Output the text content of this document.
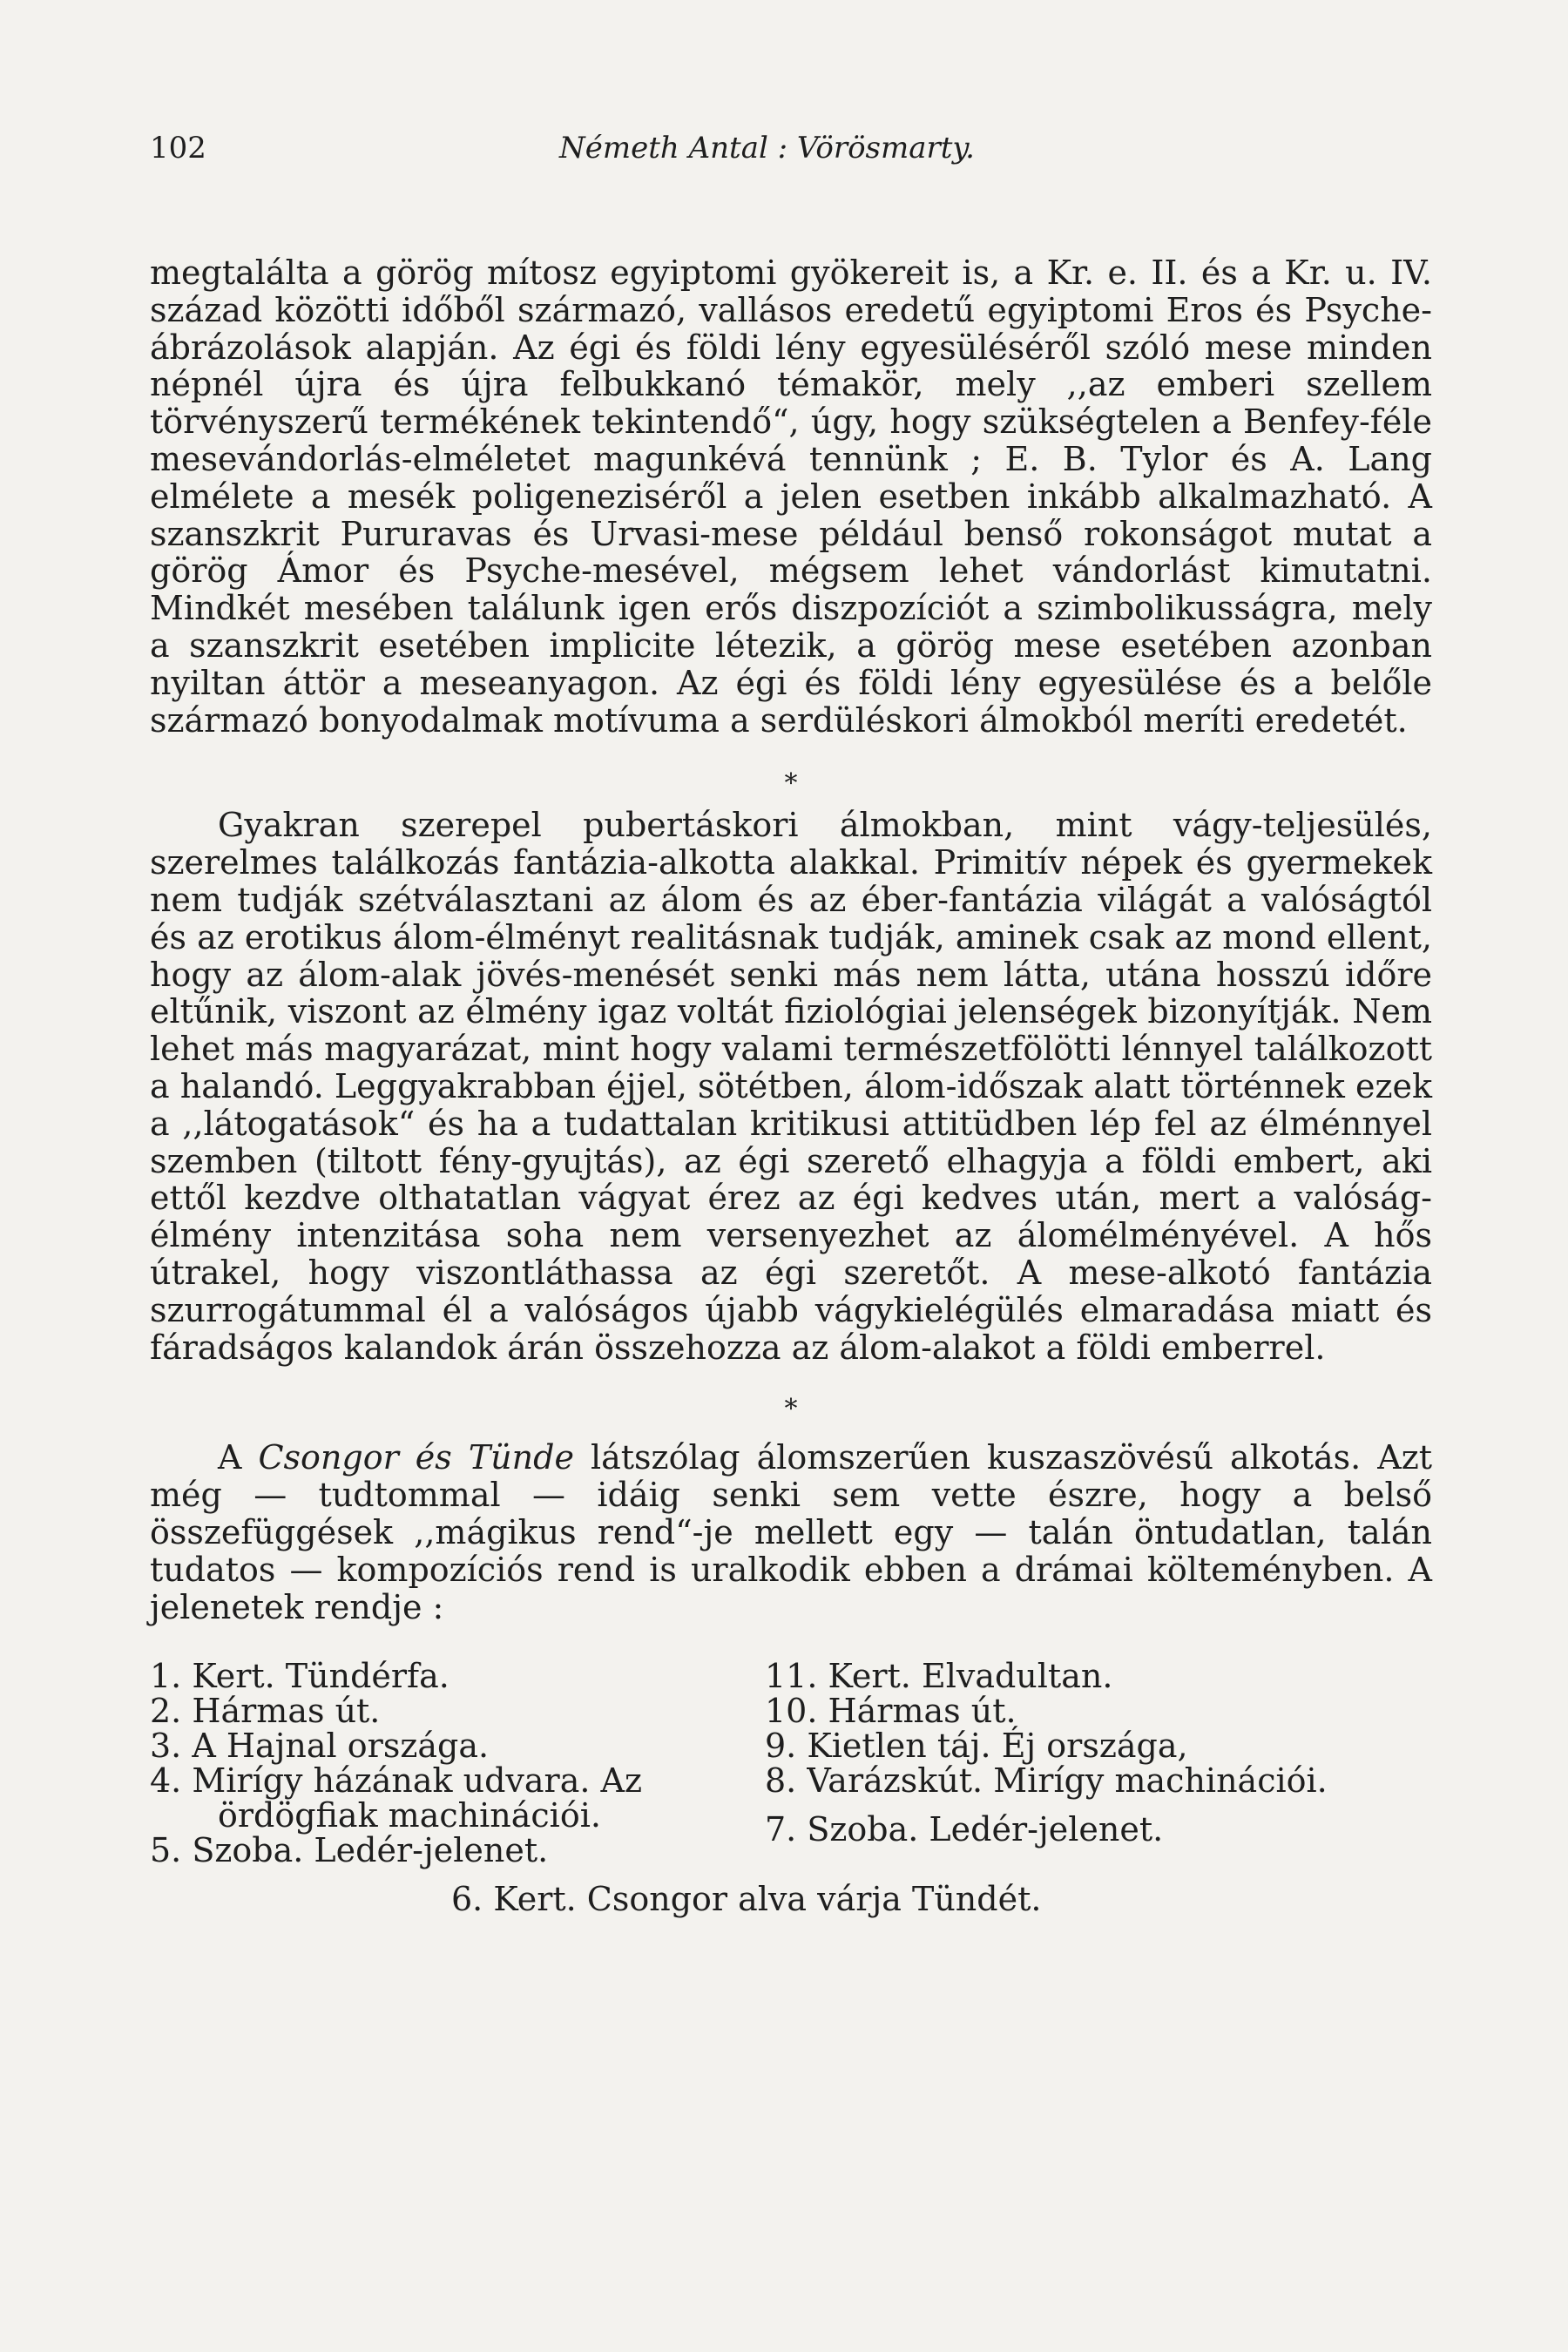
102	Németh Antal : Vörösmarty.

megtalálta a görög mítosz egyiptomi gyökereit is, a Kr. e. II. és a Kr. u. IV. század közötti időből származó, vallásos eredetű egyiptomi Eros és Psyche-ábrázolások alapján. Az égi és földi lény egyesüléséről szóló mese minden népnél újra és újra felbukkanó témakör, mely ,,az emberi szellem törvényszerű termékének tekintendő“, úgy, hogy szükségtelen a Benfey-féle mesevándorlás-elméletet magunkévá tennünk ; E. B. Tylor és A. Lang elmélete a mesék poligeneziséről a jelen esetben inkább alkalmazható. A szanszkrit Pururavas és Urvasi-mese például benső rokonságot mutat a görög Ámor és Psyche-mesével, mégsem lehet vándorlást kimutatni. Mindkét mesében találunk igen erős diszpozíciót a szimbolikusságra, mely a szanszkrit esetében implicite létezik, a görög mese esetében azonban nyiltan áttör a meseanyagon. Az égi és földi lény egyesülése és a belőle származó bonyodalmak motívuma a serdüléskori álmokból meríti eredetét.

*

Gyakran szerepel pubertáskori álmokban, mint vágy-teljesülés, szerelmes találkozás fantázia-alkotta alakkal. Primitív népek és gyermekek nem tudják szétválasztani az álom és az éber-fantázia világát a valóságtól és az erotikus álom-élményt realitásnak tudják, aminek csak az mond ellent, hogy az álom-alak jövés-menését senki más nem látta, utána hosszú időre eltűnik, viszont az élmény igaz voltát fiziológiai jelenségek bizonyítják. Nem lehet más magyarázat, mint hogy valami természetfölötti lénnyel találkozott a halandó. Leggyakrabban éjjel, sötétben, álom-időszak alatt történnek ezek a ,,látogatások“ és ha a tudattalan kritikusi attitüdben lép fel az élménnyel szemben (tiltott fény-gyujtás), az égi szerető elhagyja a földi embert, aki ettől kezdve olthatatlan vágyat érez az égi kedves után, mert a valóság-élmény intenzitása soha nem versenyezhet az álomélményével. A hős útrakel, hogy viszontláthassa az égi szeretőt. A mese-alkotó fantázia szurrogátummal él a valóságos újabb vágykielégülés elmaradása miatt és fáradságos kalandok árán összehozza az álom-alakot a földi emberrel.

*

A Csongor és Tünde látszólag álomszerűen kuszaszövésű alkotás. Azt még — tudtommal — idáig senki sem vette észre, hogy a belső összefüggések ,,mágikus rend“-je mellett egy — talán öntudatlan, talán tudatos — kompozíciós rend is uralkodik ebben a drámai költeményben. A jelenetek rendje :

1. Kert. Tündérfa.
2. Hármas út.
3. A Hajnal országa.
4. Mirígy házának udvara. Az
ördögfiak machinációi.
5. Szoba. Ledér-jelenet.
11. Kert. Elvadultan.
10. Hármas út.
9. Kietlen táj. Éj országa,
8. Varázskút. Mirígy machinációi.
7. Szoba. Ledér-jelenet.
6. Kert. Csongor alva várja Tündét.
